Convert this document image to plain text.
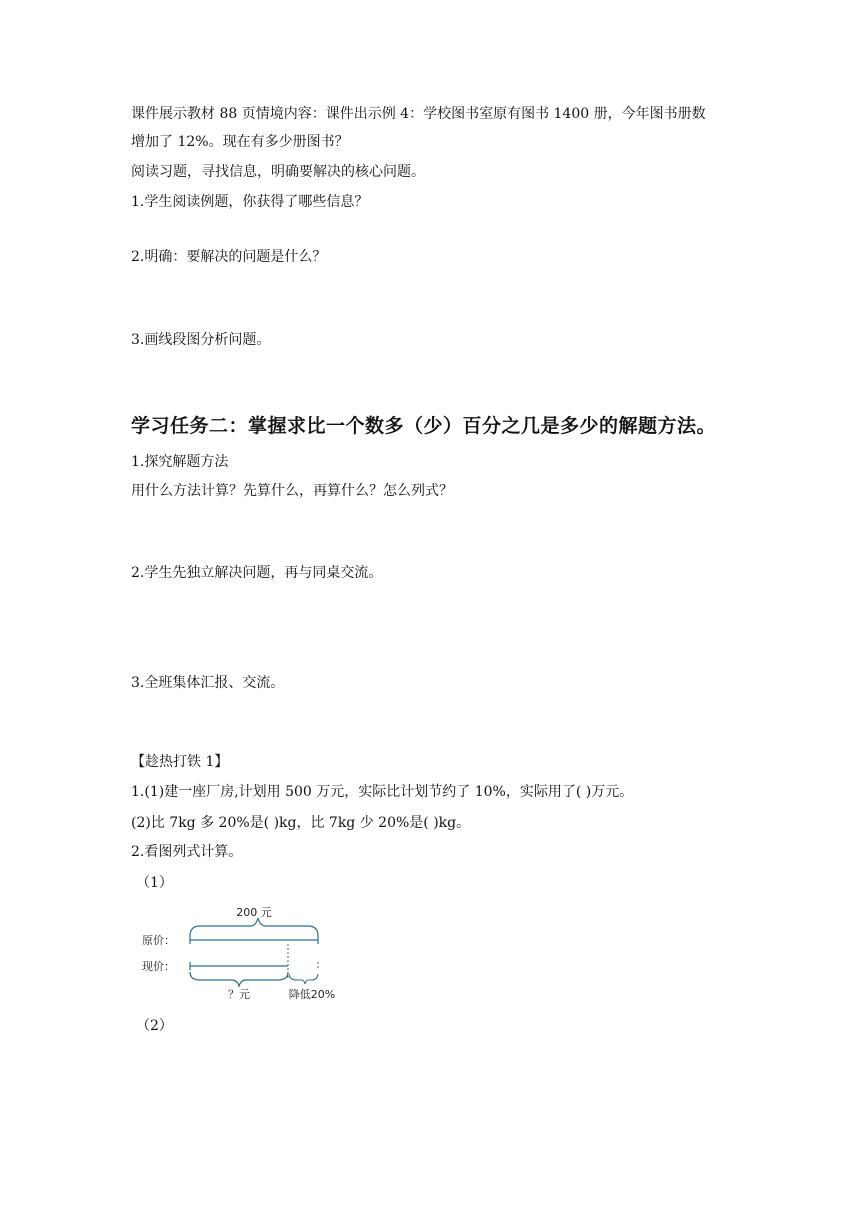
课件展示教材 88 页情境内容：课件出示例 4：学校图书室原有图书 1400 册，今年图书册数
增加了 12%。现在有多少册图书？
阅读习题，寻找信息，明确要解决的核心问题。
1.学生阅读例题，你获得了哪些信息？
2.明确：要解决的问题是什么？
3.画线段图分析问题。
学习任务二：掌握求比一个数多（少）百分之几是多少的解题方法。
1.探究解题方法
用什么方法计算？先算什么，再算什么？怎么列式？
2.学生先独立解决问题，再与同桌交流。
3.全班集体汇报、交流。
【趁热打铁 1】
1.(1)建一座厂房,计划用 500 万元，实际比计划节约了 10%，实际用了( )万元。
(2)比 7kg 多 20%是( )kg，比 7kg 少 20%是( )kg。
2.看图列式计算。
（1）
200 元
原价：
现价：
？元	降低20%
（2）
